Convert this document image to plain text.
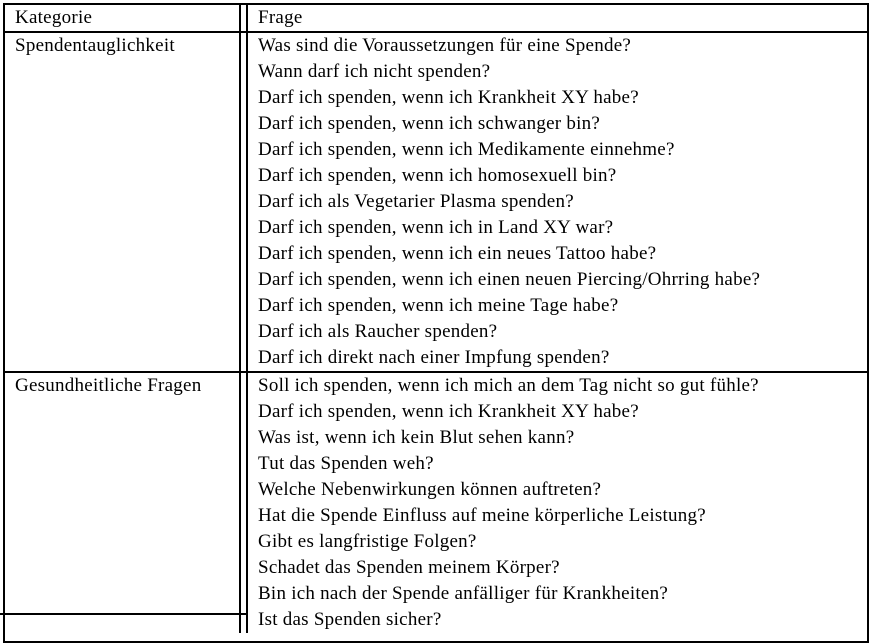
Kategorie	Frage
Spendentauglichkeit	Was sind die Voraussetzungen für eine Spende?
Wann darf ich nicht spenden?
Darf ich spenden, wenn ich Krankheit XY habe?
Darf ich spenden, wenn ich schwanger bin?
Darf ich spenden, wenn ich Medikamente einnehme?
Darf ich spenden, wenn ich homosexuell bin?
Darf ich als Vegetarier Plasma spenden?
Darf ich spenden, wenn ich in Land XY war?
Darf ich spenden, wenn ich ein neues Tattoo habe?
Darf ich spenden, wenn ich einen neuen Piercing/Ohrring habe?
Darf ich spenden, wenn ich meine Tage habe?
Darf ich als Raucher spenden?
Darf ich direkt nach einer Impfung spenden?
Gesundheitliche Fragen	Soll ich spenden, wenn ich mich an dem Tag nicht so gut fühle?
Darf ich spenden, wenn ich Krankheit XY habe?
Was ist, wenn ich kein Blut sehen kann?
Tut das Spenden weh?
Welche Nebenwirkungen können auftreten?
Hat die Spende Einfluss auf meine körperliche Leistung?
Gibt es langfristige Folgen?
Schadet das Spenden meinem Körper?
Bin ich nach der Spende anfälliger für Krankheiten?
Ist das Spenden sicher?
